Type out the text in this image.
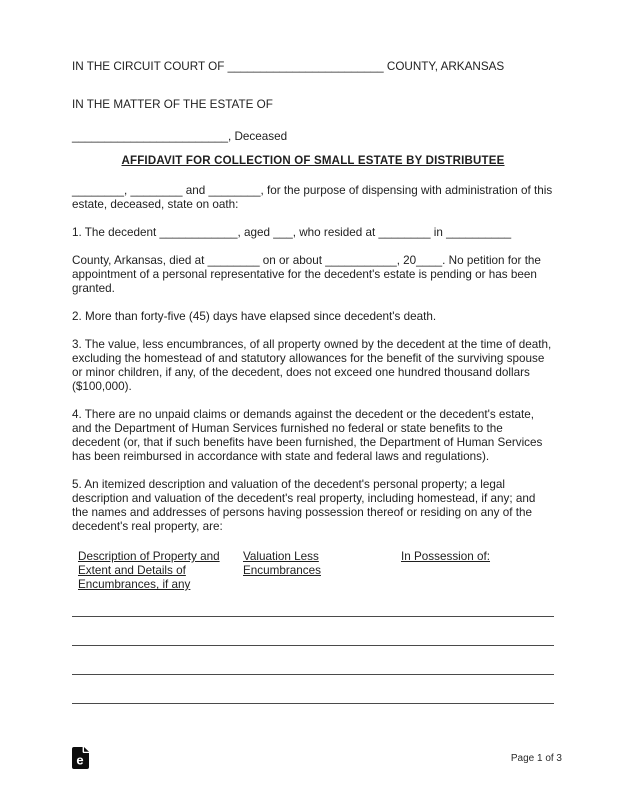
IN THE CIRCUIT COURT OF ________________________ COUNTY, ARKANSAS

IN THE MATTER OF THE ESTATE OF

________________________, Deceased

AFFIDAVIT FOR COLLECTION OF SMALL ESTATE BY DISTRIBUTEE

________, ________ and ________, for the purpose of dispensing with administration of this estate, deceased, state on oath:

1. The decedent ____________, aged ___, who resided at ________ in __________

County, Arkansas, died at ________ on or about ___________, 20____. No petition for the appointment of a personal representative for the decedent's estate is pending or has been granted.

2. More than forty-five (45) days have elapsed since decedent's death.

3. The value, less encumbrances, of all property owned by the decedent at the time of death, excluding the homestead of and statutory allowances for the benefit of the surviving spouse or minor children, if any, of the decedent, does not exceed one hundred thousand dollars ($100,000).

4. There are no unpaid claims or demands against the decedent or the decedent's estate, and the Department of Human Services furnished no federal or state benefits to the decedent (or, that if such benefits have been furnished, the Department of Human Services has been reimbursed in accordance with state and federal laws and regulations).

5. An itemized description and valuation of the decedent's personal property; a legal description and valuation of the decedent's real property, including homestead, if any; and the names and addresses of persons having possession thereof or residing on any of the decedent's real property, are:

Description of Property and Extent and Details of Encumbrances, if any
Valuation Less Encumbrances
In Possession of:
e	Page 1 of 3
